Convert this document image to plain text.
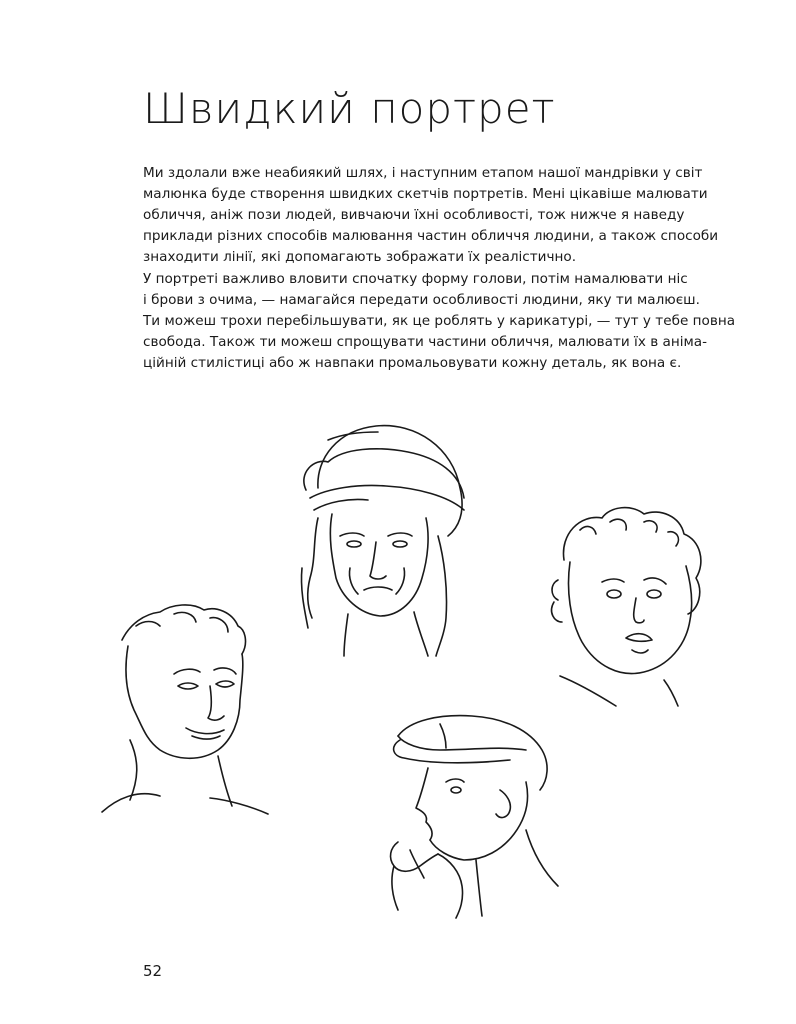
Швидкий портрет

Ми здолали вже неабиякий шлях, і наступним етапом нашої мандрівки у світ
малюнка буде створення швидких скетчів портретів. Мені цікавіше малювати
обличчя, аніж пози людей, вивчаючи їхні особливості, тож нижче я наведу
приклади різних способів малювання частин обличчя людини, а також способи
знаходити лінії, які допомагають зображати їх реалістично.

У портреті важливо вловити спочатку форму голови, потім намалювати ніс
і брови з очима, — намагайся передати особливості людини, яку ти малюєш.
Ти можеш трохи перебільшувати, як це роблять у карикатурі, — тут у тебе повна
свобода. Також ти можеш спрощувати частини обличчя, малювати їх в аніма-
ційній стилістиці або ж навпаки промальовувати кожну деталь, як вона є.

52
